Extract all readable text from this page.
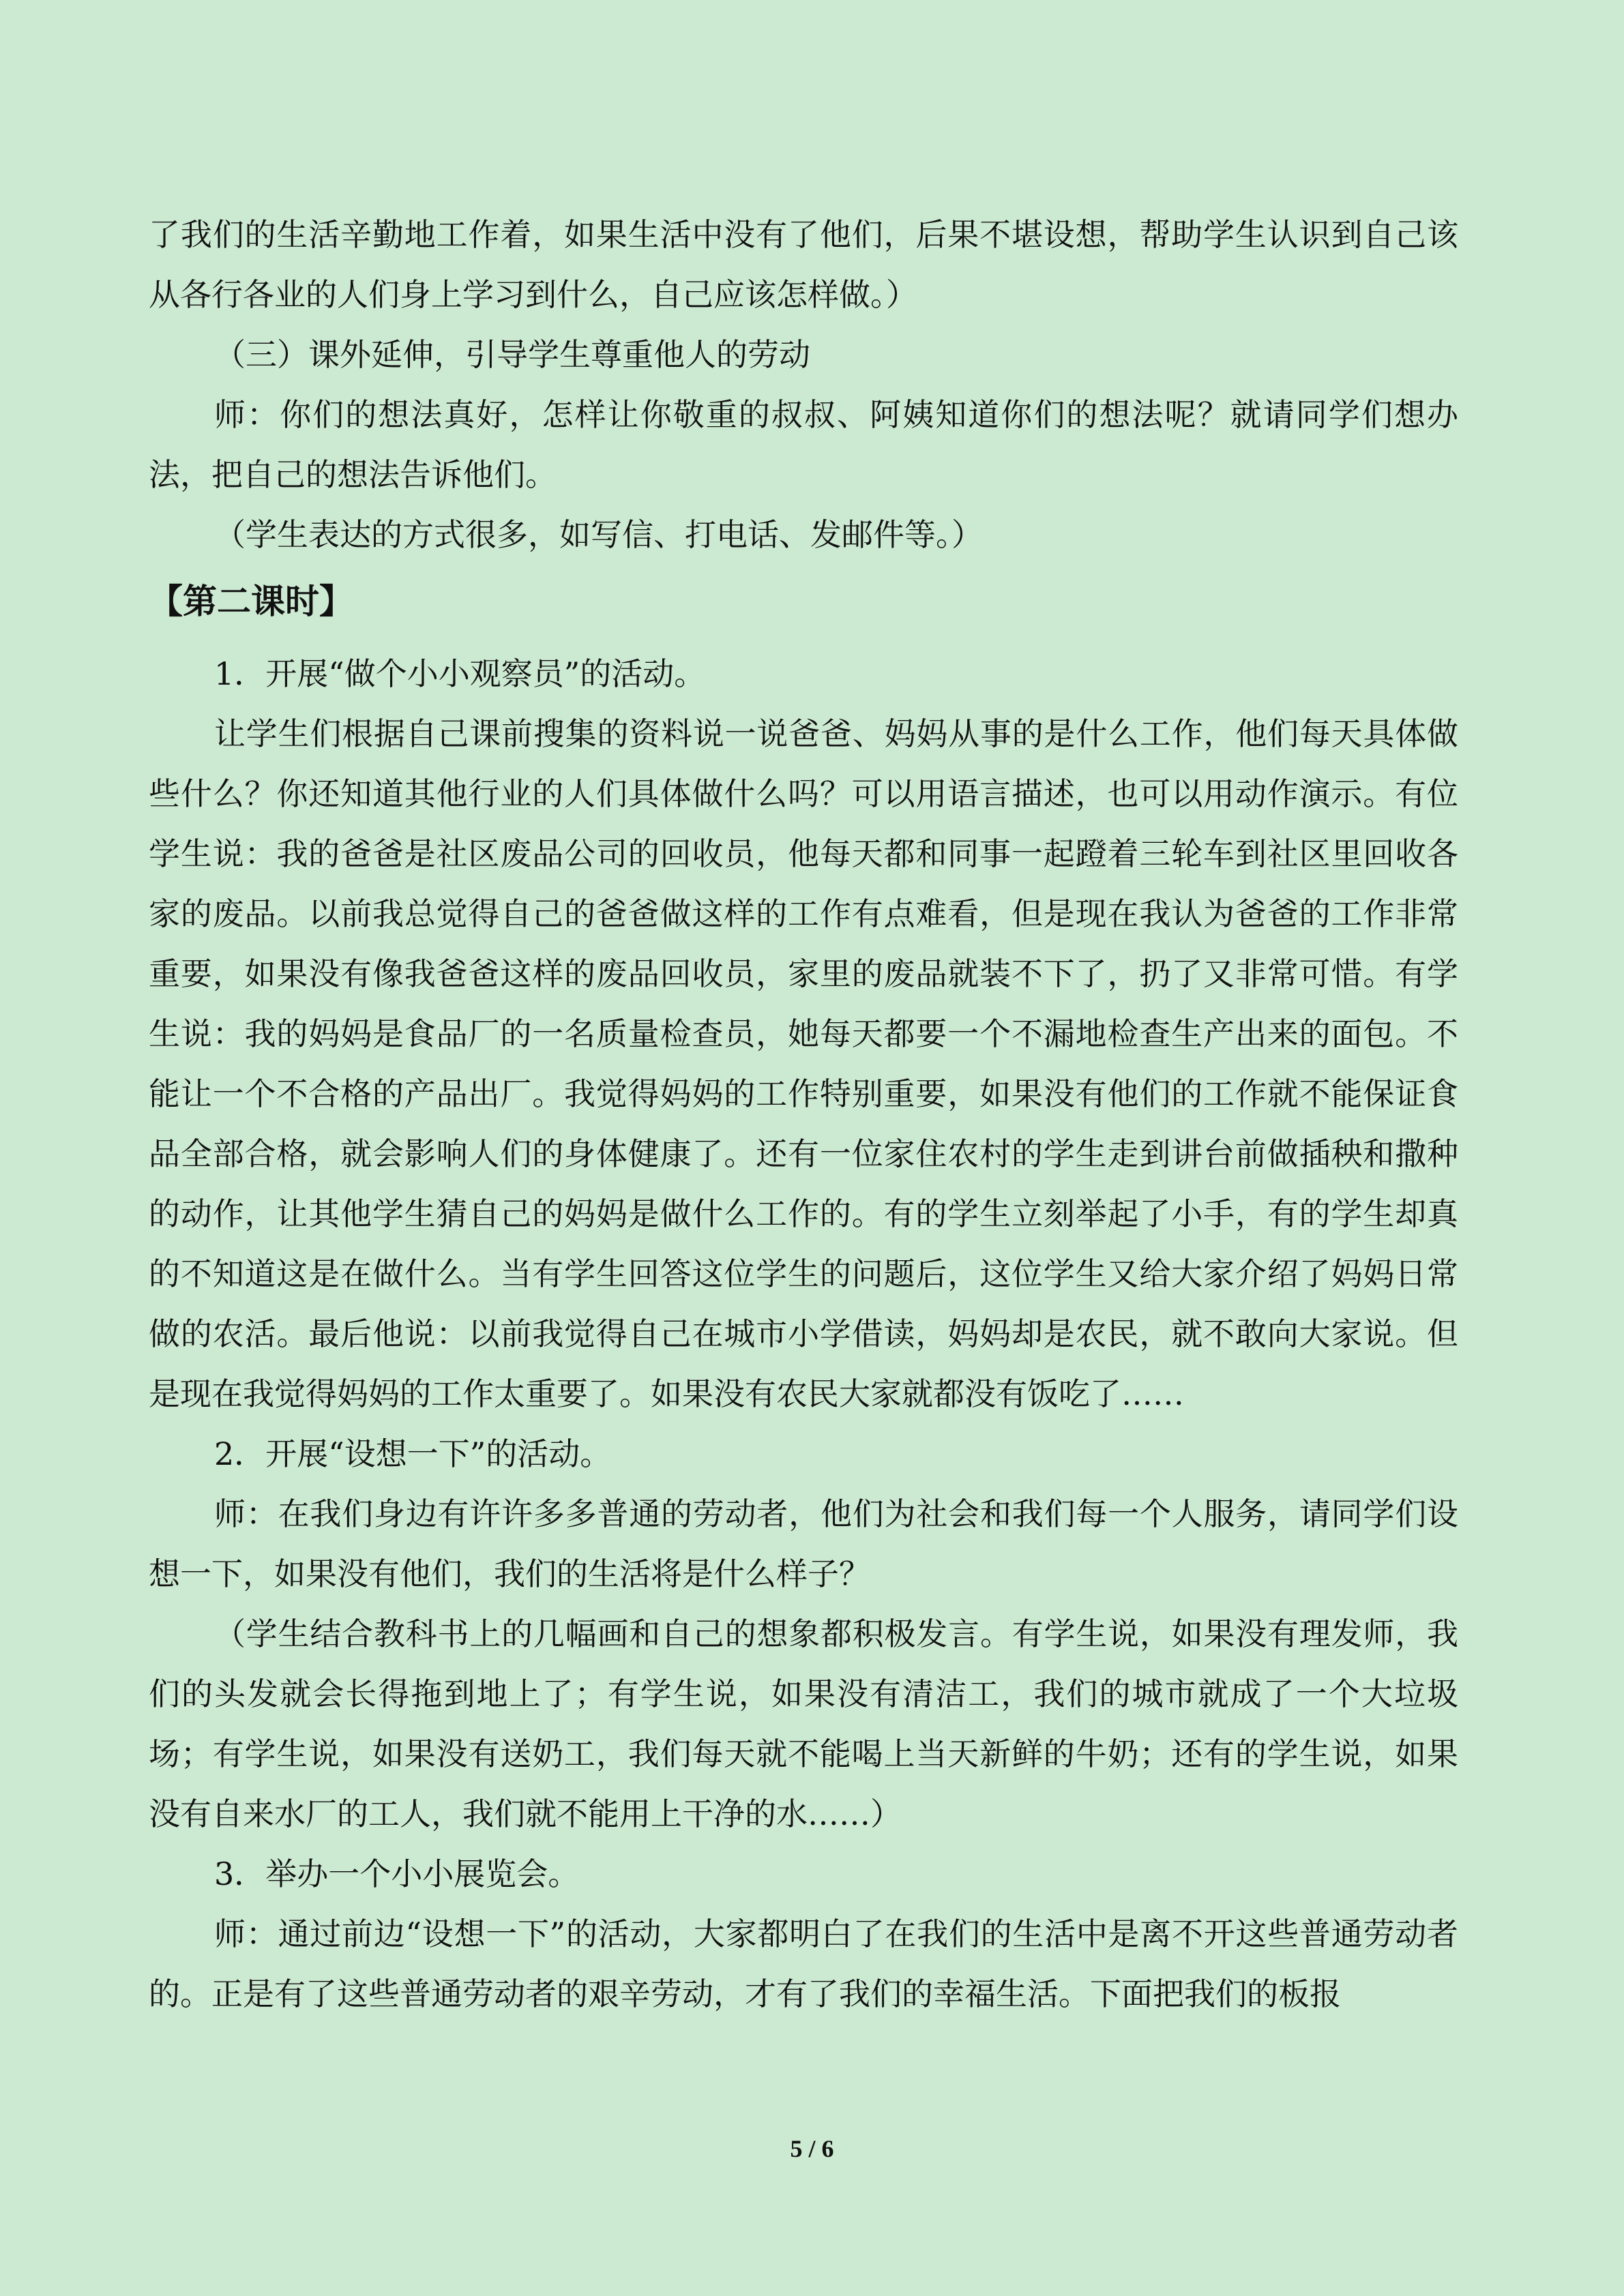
了我们的生活辛勤地工作着，如果生活中没有了他们，后果不堪设想，帮助学生认识到自己该从各行各业的人们身上学习到什么，自己应该怎样做。）

（三）课外延伸，引导学生尊重他人的劳动

师：你们的想法真好，怎样让你敬重的叔叔、阿姨知道你们的想法呢？就请同学们想办法，把自己的想法告诉他们。

（学生表达的方式很多，如写信、打电话、发邮件等。）

【第二课时】

1．开展“做个小小观察员”的活动。

让学生们根据自己课前搜集的资料说一说爸爸、妈妈从事的是什么工作，他们每天具体做些什么？你还知道其他行业的人们具体做什么吗？可以用语言描述，也可以用动作演示。有位学生说：我的爸爸是社区废品公司的回收员，他每天都和同事一起蹬着三轮车到社区里回收各家的废品。以前我总觉得自己的爸爸做这样的工作有点难看，但是现在我认为爸爸的工作非常重要，如果没有像我爸爸这样的废品回收员，家里的废品就装不下了，扔了又非常可惜。有学生说：我的妈妈是食品厂的一名质量检查员，她每天都要一个不漏地检查生产出来的面包。不能让一个不合格的产品出厂。我觉得妈妈的工作特别重要，如果没有他们的工作就不能保证食品全部合格，就会影响人们的身体健康了。还有一位家住农村的学生走到讲台前做插秧和撒种的动作，让其他学生猜自己的妈妈是做什么工作的。有的学生立刻举起了小手，有的学生却真的不知道这是在做什么。当有学生回答这位学生的问题后，这位学生又给大家介绍了妈妈日常做的农活。最后他说：以前我觉得自己在城市小学借读，妈妈却是农民，就不敢向大家说。但是现在我觉得妈妈的工作太重要了。如果没有农民大家就都没有饭吃了……

2．开展“设想一下”的活动。

师：在我们身边有许许多多普通的劳动者，他们为社会和我们每一个人服务，请同学们设想一下，如果没有他们，我们的生活将是什么样子？

（学生结合教科书上的几幅画和自己的想象都积极发言。有学生说，如果没有理发师，我们的头发就会长得拖到地上了；有学生说，如果没有清洁工，我们的城市就成了一个大垃圾场；有学生说，如果没有送奶工，我们每天就不能喝上当天新鲜的牛奶；还有的学生说，如果没有自来水厂的工人，我们就不能用上干净的水……）

3．举办一个小小展览会。

师：通过前边“设想一下”的活动，大家都明白了在我们的生活中是离不开这些普通劳动者的。正是有了这些普通劳动者的艰辛劳动，才有了我们的幸福生活。下面把我们的板报

5 / 6
